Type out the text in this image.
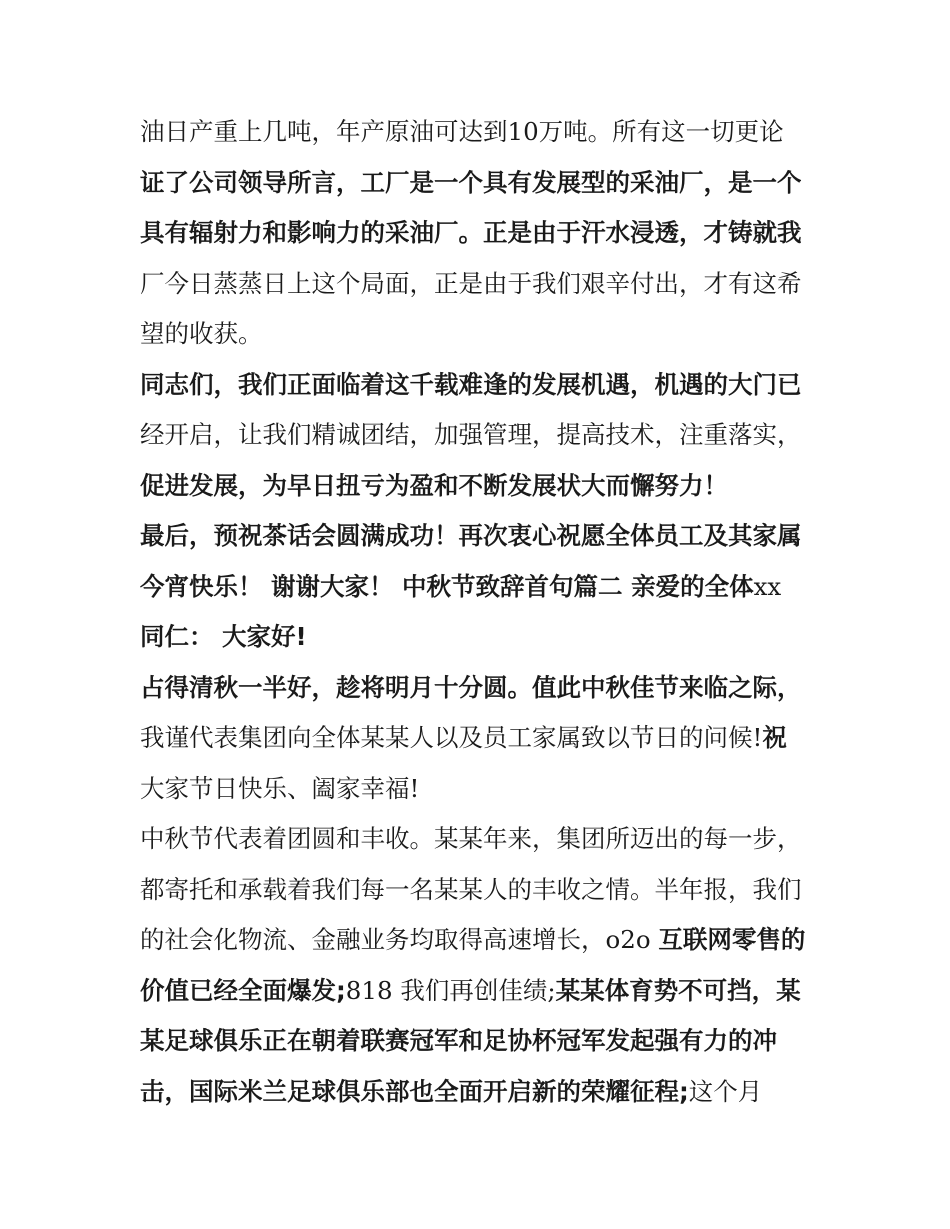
油日产重上几吨，年产原油可达到10万吨。所有这一切更论
证了公司领导所言，工厂是一个具有发展型的采油厂，是一个
具有辐射力和影响力的采油厂。正是由于汗水浸透，才铸就我
厂今日蒸蒸日上这个局面，正是由于我们艰辛付出，才有这希
望的收获。
同志们，我们正面临着这千载难逢的发展机遇，机遇的大门已
经开启，让我们精诚团结，加强管理，提高技术，注重落实，
促进发展，为早日扭亏为盈和不断发展状大而懈努力！
最后，预祝茶话会圆满成功！再次衷心祝愿全体员工及其家属
今宵快乐！ 谢谢大家！ 中秋节致辞首句篇二 亲爱的全体xx
同仁： 大家好!
占得清秋一半好，趁将明月十分圆。值此中秋佳节来临之际，
我谨代表集团向全体某某人以及员工家属致以节日的问候!祝
大家节日快乐、阖家幸福!
中秋节代表着团圆和丰收。某某年来，集团所迈出的每一步，
都寄托和承载着我们每一名某某人的丰收之情。半年报，我们
的社会化物流、金融业务均取得高速增长，o2o 互联网零售的
价值已经全面爆发;818 我们再创佳绩;某某体育势不可挡，某
某足球俱乐正在朝着联赛冠军和足协杯冠军发起强有力的冲
击，国际米兰足球俱乐部也全面开启新的荣耀征程;这个月
